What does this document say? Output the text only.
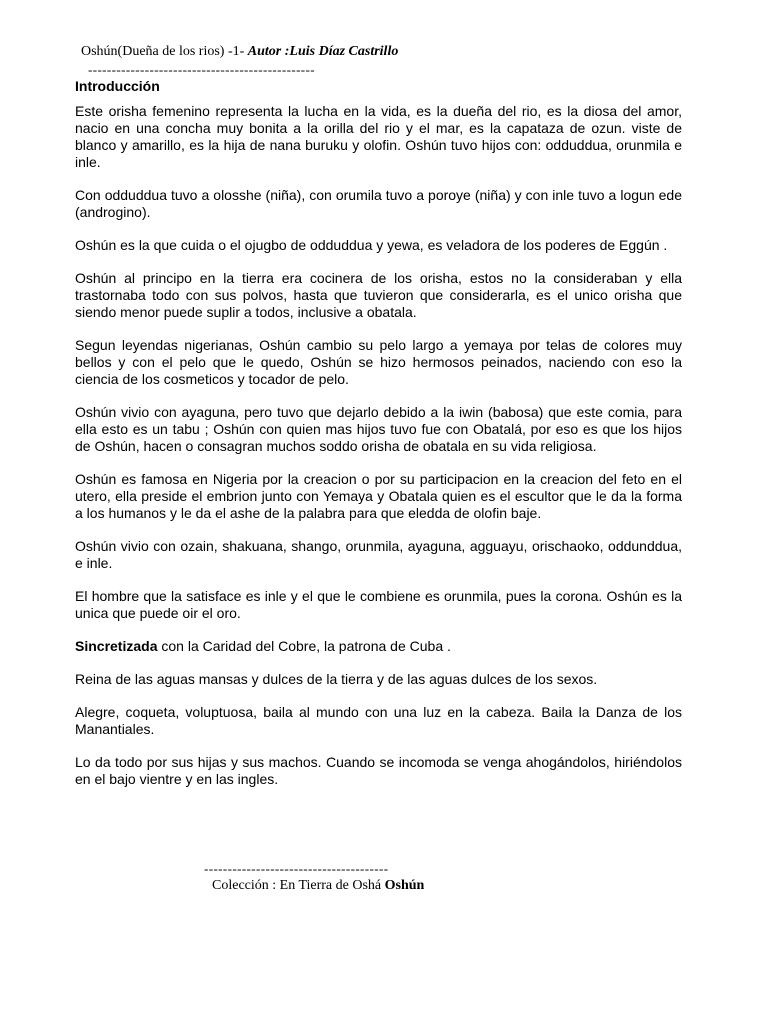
Oshún(Dueña de los rios) -1- Autor :Luis Díaz Castrillo
------------------------------------------------

Introducción

Este orisha femenino representa la lucha en la vida, es la dueña del rio, es la diosa del amor, nacio en una concha muy bonita a la orilla del rio y el mar, es la capataza de ozun. viste de blanco y amarillo, es la hija de nana buruku y olofin. Oshún tuvo hijos con: odduddua, orunmila e inle.

Con odduddua tuvo a olosshe (niña), con orumila tuvo a poroye (niña) y con inle tuvo a logun ede (androgino).

Oshún es la que cuida o el ojugbo de odduddua y yewa, es veladora de los poderes de Eggún .

Oshún al principo en la tierra era cocinera de los orisha, estos no la consideraban y ella trastornaba todo con sus polvos, hasta que tuvieron que considerarla, es el unico orisha que siendo menor puede suplir a todos, inclusive a obatala.

Segun leyendas nigerianas, Oshún cambio su pelo largo a yemaya por telas de colores muy bellos y con el pelo que le quedo, Oshún se hizo hermosos peinados, naciendo con eso la ciencia de los cosmeticos y tocador de pelo.

Oshún vivio con ayaguna, pero tuvo que dejarlo debido a la iwin (babosa) que este comia, para ella esto es un tabu ; Oshún con quien mas hijos tuvo fue con Obatalá, por eso es que los hijos de Oshún, hacen o consagran muchos soddo orisha de obatala en su vida religiosa.

Oshún es famosa en Nigeria por la creacion o por su participacion en la creacion del feto en el utero, ella preside el embrion junto con Yemaya y Obatala quien es el escultor que le da la forma a los humanos y le da el ashe de la palabra para que eledda de olofin baje.

Oshún vivio con ozain, shakuana, shango, orunmila, ayaguna, agguayu, orischaoko, oddunddua, e inle.

El hombre que la satisface es inle y el que le combiene es orunmila, pues la corona. Oshún es la unica que puede oir el oro.

Sincretizada con la Caridad del Cobre, la patrona de Cuba .

Reina de las aguas mansas y dulces de la tierra y de las aguas dulces de los sexos.

Alegre, coqueta, voluptuosa, baila al mundo con una luz en la cabeza. Baila la Danza de los Manantiales.

Lo da todo por sus hijas y sus machos. Cuando se incomoda se venga ahogándolos, hiriéndolos en el bajo vientre y en las ingles.

---------------------------------------
Colección : En Tierra de Oshá Oshún
